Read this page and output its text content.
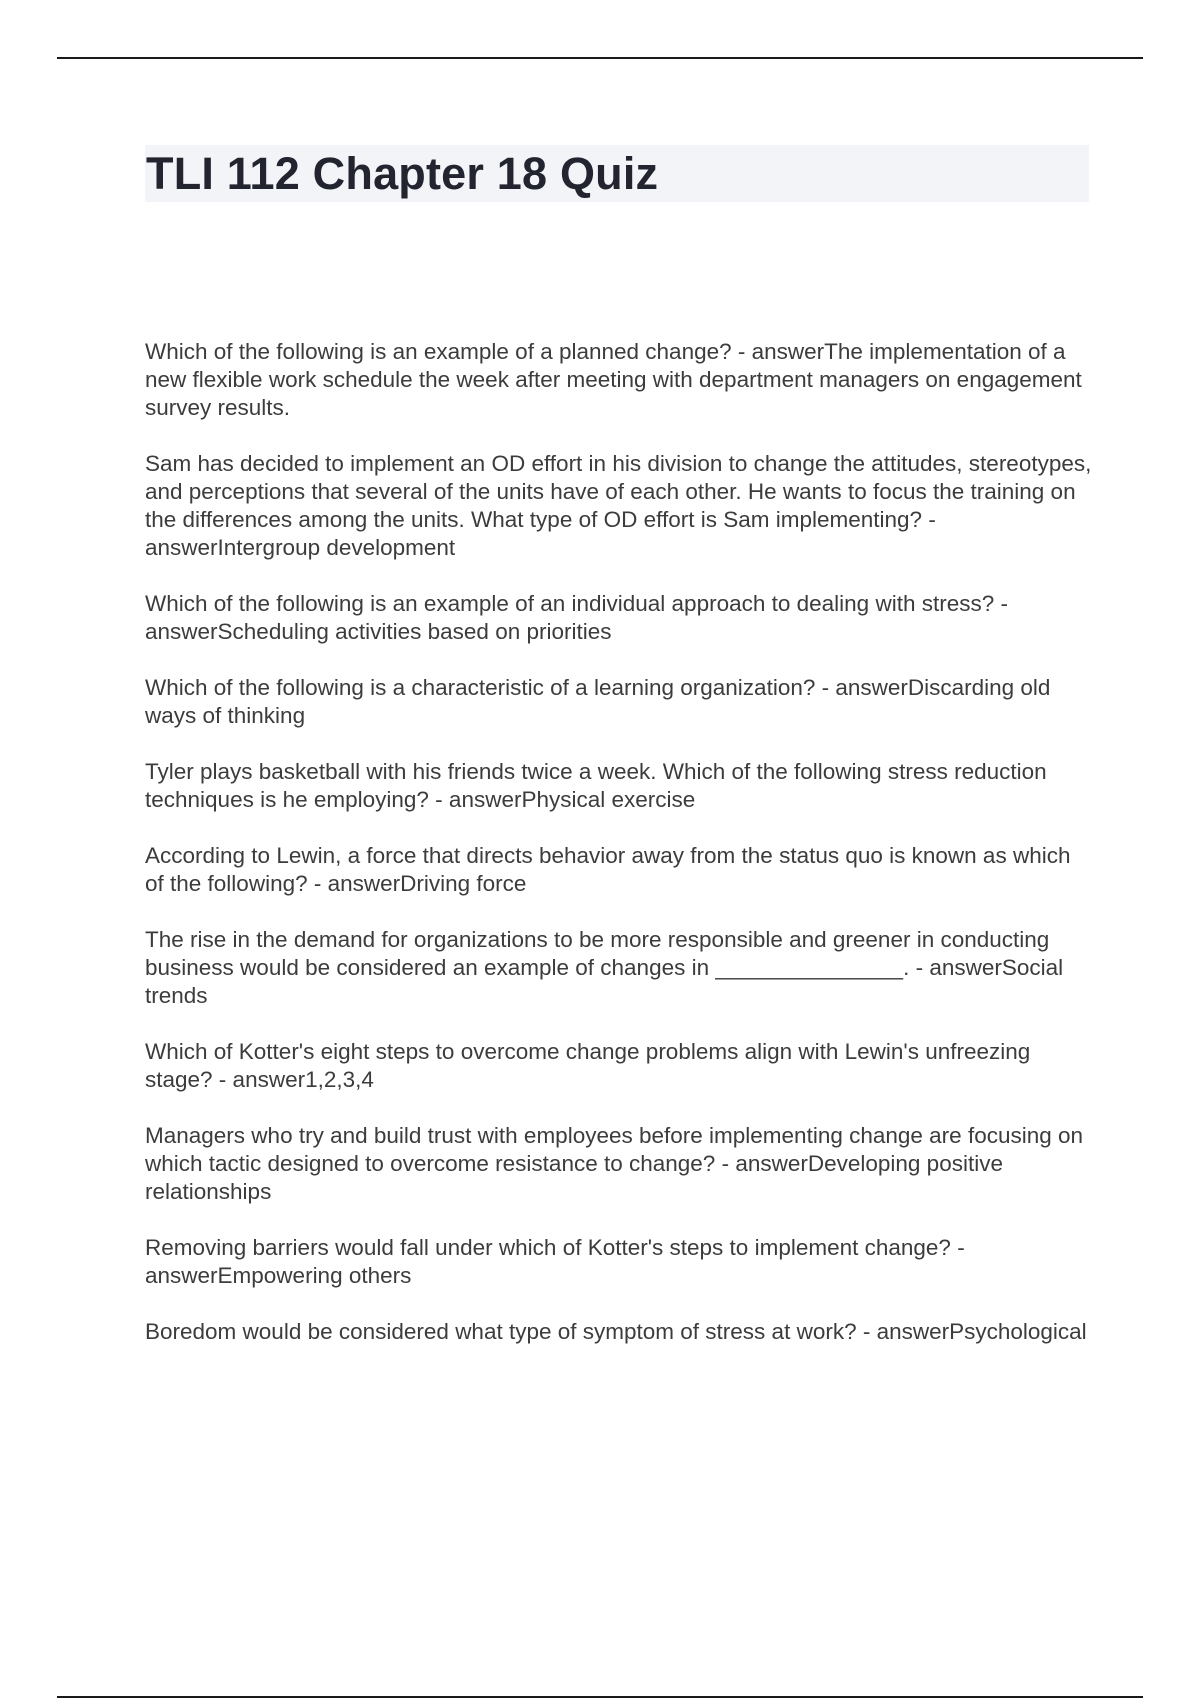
TLI 112 Chapter 18 Quiz

Which of the following is an example of a planned change? - answerThe implementation of a new flexible work schedule the week after meeting with department managers on engagement survey results.

Sam has decided to implement an OD effort in his division to change the attitudes, stereotypes, and perceptions that several of the units have of each other. He wants to focus the training on the differences among the units. What type of OD effort is Sam implementing? - answerIntergroup development

Which of the following is an example of an individual approach to dealing with stress? - answerScheduling activities based on priorities

Which of the following is a characteristic of a learning organization? - answerDiscarding old ways of thinking

Tyler plays basketball with his friends twice a week. Which of the following stress reduction techniques is he employing? - answerPhysical exercise

According to Lewin, a force that directs behavior away from the status quo is known as which of the following? - answerDriving force

The rise in the demand for organizations to be more responsible and greener in conducting business would be considered an example of changes in _______________. - answerSocial trends

Which of Kotter's eight steps to overcome change problems align with Lewin's unfreezing stage? - answer1,2,3,4

Managers who try and build trust with employees before implementing change are focusing on which tactic designed to overcome resistance to change? - answerDeveloping positive relationships

Removing barriers would fall under which of Kotter's steps to implement change? - answerEmpowering others

Boredom would be considered what type of symptom of stress at work? - answerPsychological
